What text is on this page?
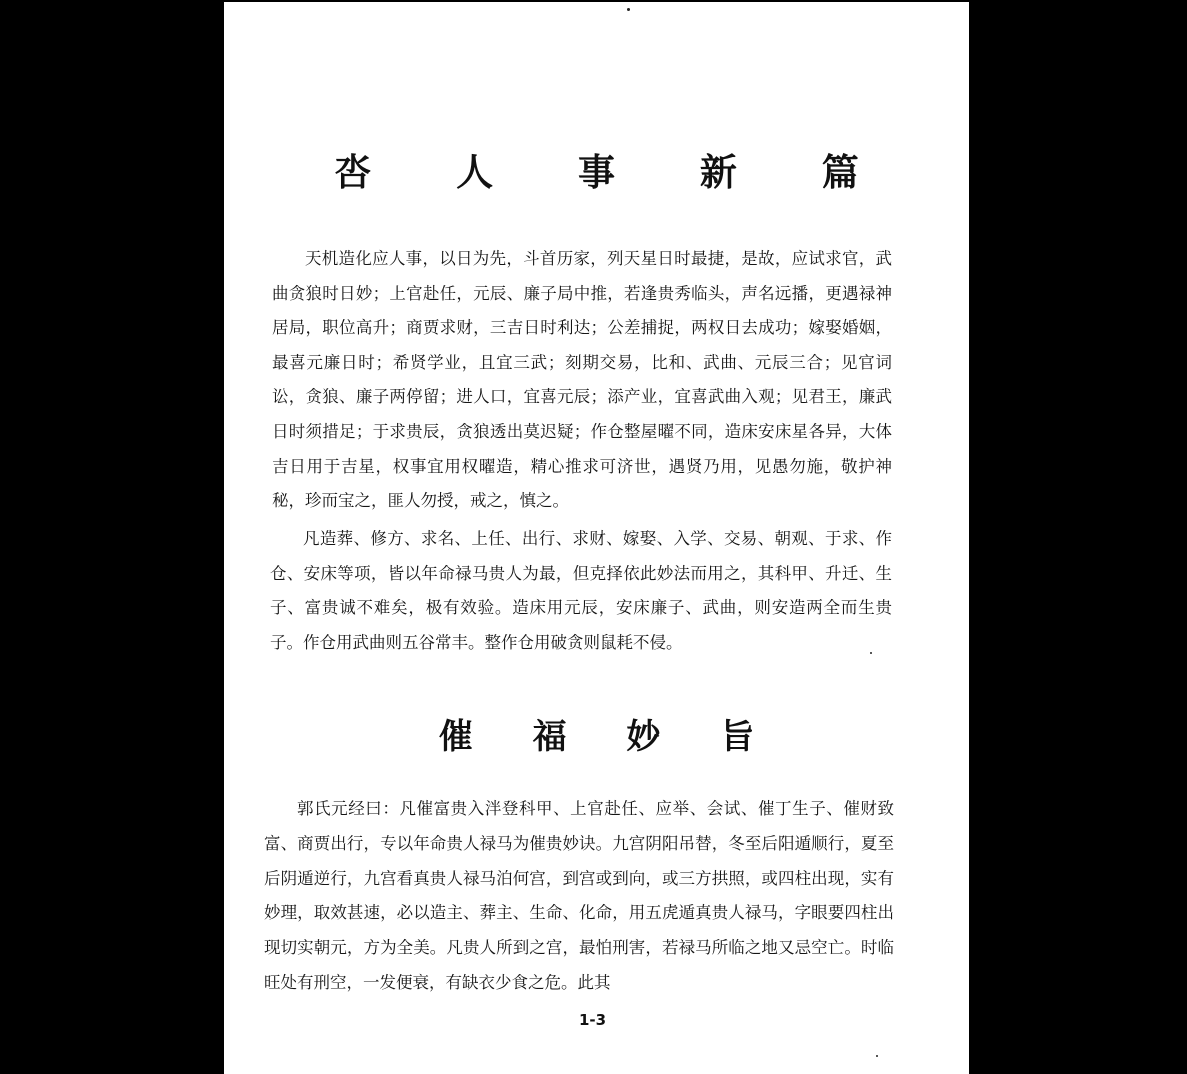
呇 人 事 新 篇

天机造化应人事，以日为先，斗首历家，列天星日时最捷，是故，应试求官，武曲贪狼时日妙；上官赴任，元辰、廉子局中推，若逢贵秀临头，声名远播，更遇禄神居局，职位高升；商贾求财，三吉日时利达；公差捕捉，两权日去成功；嫁娶婚姻，最喜元廉日时；希贤学业，且宜三武；刻期交易，比和、武曲、元辰三合；见官词讼，贪狼、廉子两停留；进人口，宜喜元辰；添产业，宜喜武曲入观；见君王，廉武日时须措足；于求贵辰，贪狼透出莫迟疑；作仓整屋曜不同，造床安床星各异，大体吉日用于吉星，权事宜用权曜造，精心推求可济世，遇贤乃用，见愚勿施，敬护神秘，珍而宝之，匪人勿授，戒之，慎之。

凡造葬、修方、求名、上任、出行、求财、嫁娶、入学、交易、朝观、于求、作仓、安床等项，皆以年命禄马贵人为最，但克择依此妙法而用之，其科甲、升迁、生子、富贵诚不难矣，极有效验。造床用元辰，安床廉子、武曲，则安造两全而生贵子。作仓用武曲则五谷常丰。整作仓用破贪则鼠耗不侵。

催 福 妙 旨

郭氏元经曰：凡催富贵入泮登科甲、上官赴任、应举、会试、催丁生子、催财致富、商贾出行，专以年命贵人禄马为催贵妙诀。九宫阴阳吊替，冬至后阳遁顺行，夏至后阴遁逆行，九宫看真贵人禄马泊何宫，到宫或到向，或三方拱照，或四柱出现，实有妙理，取效甚速，必以造主、葬主、生命、化命，用五虎遁真贵人禄马，字眼要四柱出现切实朝元，方为全美。凡贵人所到之宫，最怕刑害，若禄马所临之地又忌空亡。时临旺处有刑空，一发便衰，有缺衣少食之危。此其

1-3
